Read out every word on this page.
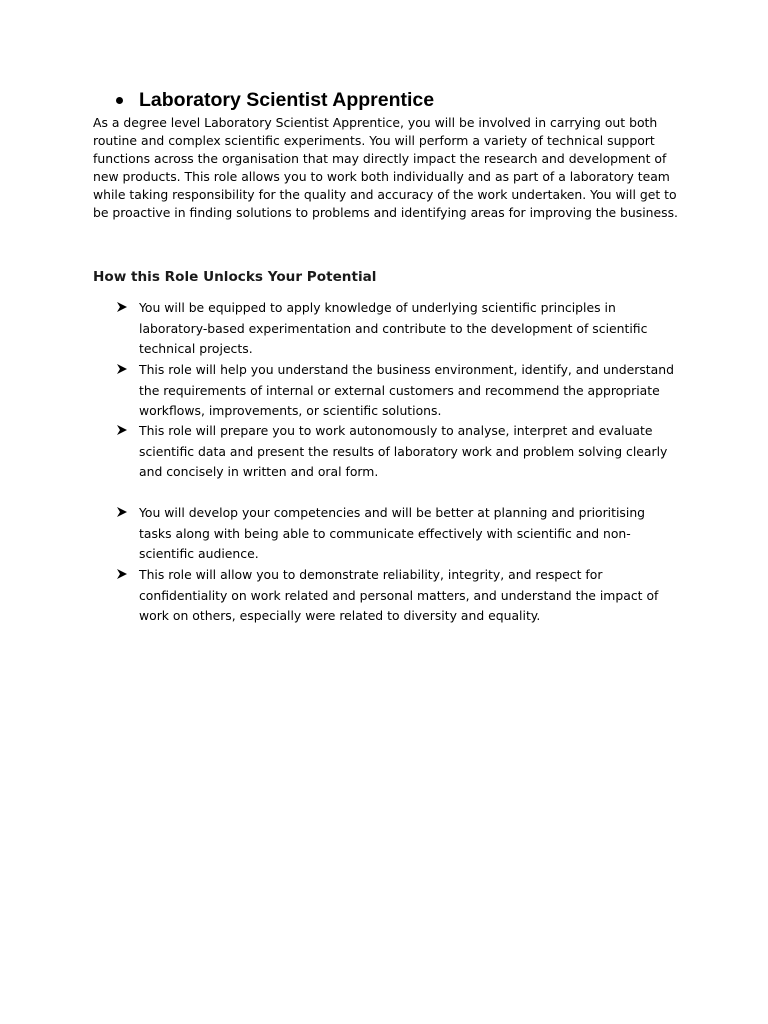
Laboratory Scientist Apprentice

As a degree level Laboratory Scientist Apprentice, you will be involved in carrying out both routine and complex scientific experiments. You will perform a variety of technical support functions across the organisation that may directly impact the research and development of new products. This role allows you to work both individually and as part of a laboratory team while taking responsibility for the quality and accuracy of the work undertaken. You will get to be proactive in finding solutions to problems and identifying areas for improving the business.

How this Role Unlocks Your Potential
You will be equipped to apply knowledge of underlying scientific principles in laboratory-based experimentation and contribute to the development of scientific technical projects.
This role will help you understand the business environment, identify, and understand the requirements of internal or external customers and recommend the appropriate workflows, improvements, or scientific solutions.
This role will prepare you to work autonomously to analyse, interpret and evaluate scientific data and present the results of laboratory work and problem solving clearly and concisely in written and oral form.
You will develop your competencies and will be better at planning and prioritising tasks along with being able to communicate effectively with scientific and non-scientific audience.
This role will allow you to demonstrate reliability, integrity, and respect for confidentiality on work related and personal matters, and understand the impact of work on others, especially were related to diversity and equality.
